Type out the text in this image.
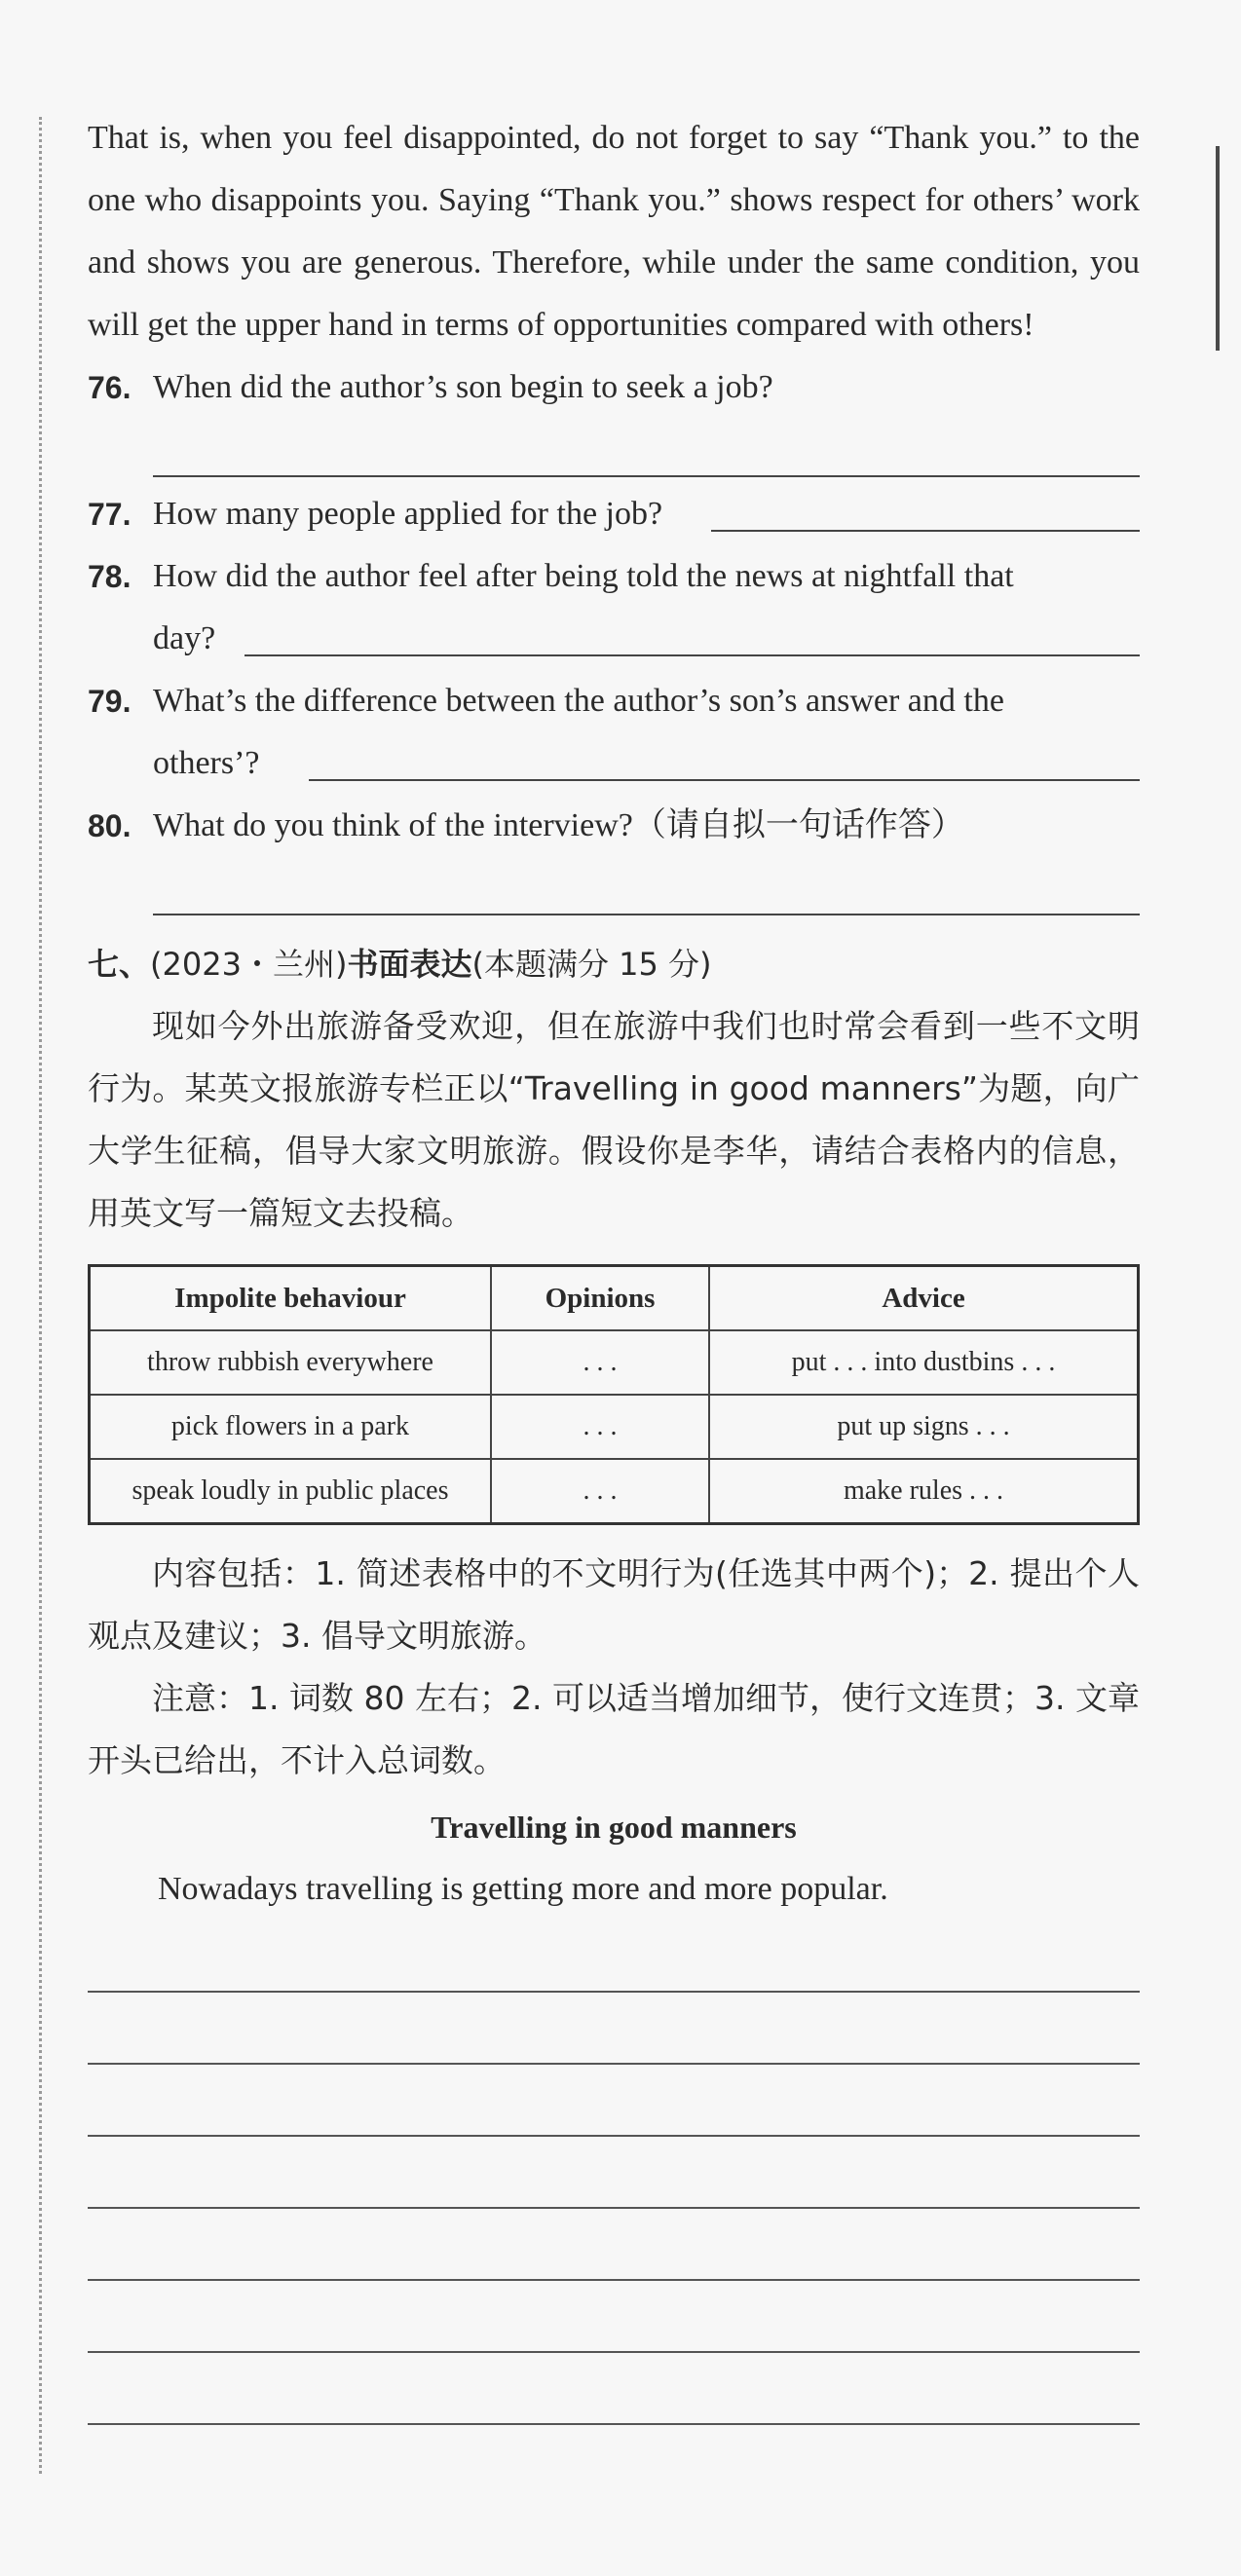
That is, when you feel disappointed, do not forget to say “Thank you.” to the one who disappoints you. Saying “Thank you.” shows respect for others’ work and shows you are generous. Therefore, while under the same condition, you will get the upper hand in terms of opportunities compared with others!

76. When did the author’s son begin to seek a job?
77. How many people applied for the job?
78. How did the author feel after being told the news at nightfall that
day?
79. What’s the difference between the author’s son’s answer and the
others’?
80. What do you think of the interview?（请自拟一句话作答）
七、(2023・兰州)书面表达(本题满分 15 分)

现如今外出旅游备受欢迎，但在旅游中我们也时常会看到一些不文明行为。某英文报旅游专栏正以“Travelling in good manners”为题，向广大学生征稿，倡导大家文明旅游。假设你是李华，请结合表格内的信息，用英文写一篇短文去投稿。

Impolite behaviour	Opinions	Advice
throw rubbish everywhere	. . .	put . . . into dustbins . . .
pick flowers in a park	. . .	put up signs . . .
speak loudly in public places	. . .	make rules . . .

内容包括：1. 简述表格中的不文明行为(任选其中两个)；2. 提出个人观点及建议；3. 倡导文明旅游。

注意：1. 词数 80 左右；2. 可以适当增加细节，使行文连贯；3. 文章开头已给出，不计入总词数。

Travelling in good manners

Nowadays travelling is getting more and more popular.
